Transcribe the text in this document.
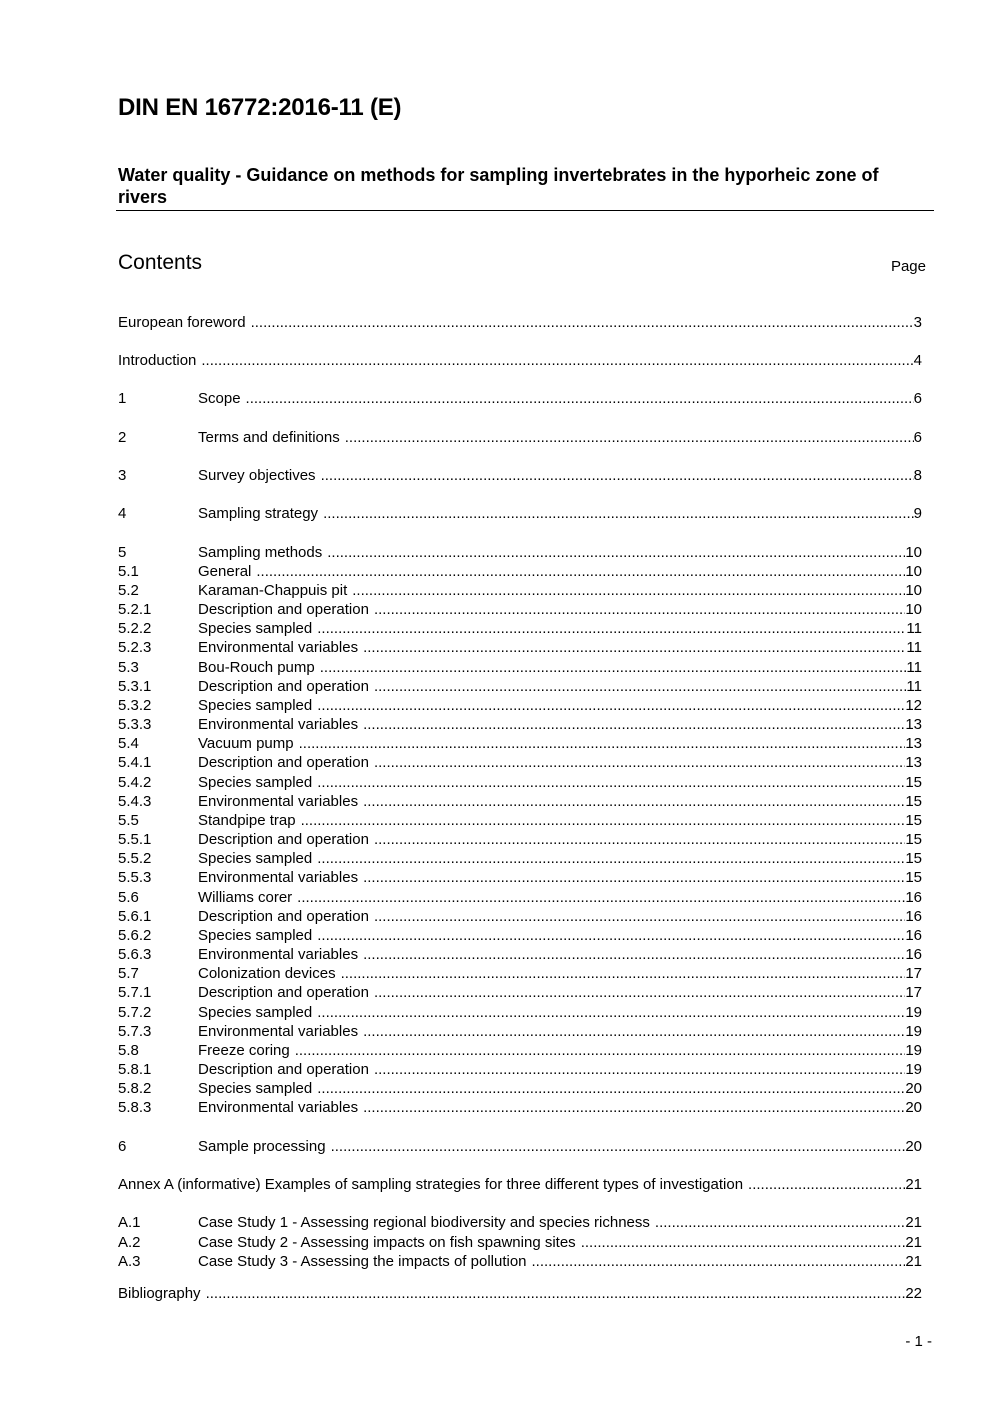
DIN EN 16772:2016-11 (E)
Water quality - Guidance on methods for sampling invertebrates in the hyporheic zone of rivers
Contents	Page
European foreword .....	3
Introduction .....	4
1	Scope .....	6
2	Terms and definitions .....	6
3	Survey objectives .....	8
4	Sampling strategy .....	9
5	Sampling methods .....	10
5.1	General .....	10
5.2	Karaman-Chappuis pit .....	10
5.2.1	Description and operation .....	10
5.2.2	Species sampled .....	11
5.2.3	Environmental variables .....	11
5.3	Bou-Rouch pump .....	11
5.3.1	Description and operation .....	11
5.3.2	Species sampled .....	12
5.3.3	Environmental variables .....	13
5.4	Vacuum pump .....	13
5.4.1	Description and operation .....	13
5.4.2	Species sampled .....	15
5.4.3	Environmental variables .....	15
5.5	Standpipe trap .....	15
5.5.1	Description and operation .....	15
5.5.2	Species sampled .....	15
5.5.3	Environmental variables .....	15
5.6	Williams corer .....	16
5.6.1	Description and operation .....	16
5.6.2	Species sampled .....	16
5.6.3	Environmental variables .....	16
5.7	Colonization devices .....	17
5.7.1	Description and operation .....	17
5.7.2	Species sampled .....	19
5.7.3	Environmental variables .....	19
5.8	Freeze coring .....	19
5.8.1	Description and operation .....	19
5.8.2	Species sampled .....	20
5.8.3	Environmental variables .....	20
6	Sample processing .....	20
Annex A (informative) Examples of sampling strategies for three different types of investigation .....	21
A.1	Case Study 1 - Assessing regional biodiversity and species richness .....	21
A.2	Case Study 2 - Assessing impacts on fish spawning sites .....	21
A.3	Case Study 3 - Assessing the impacts of pollution .....	21
Bibliography .....	22
- 1 -
